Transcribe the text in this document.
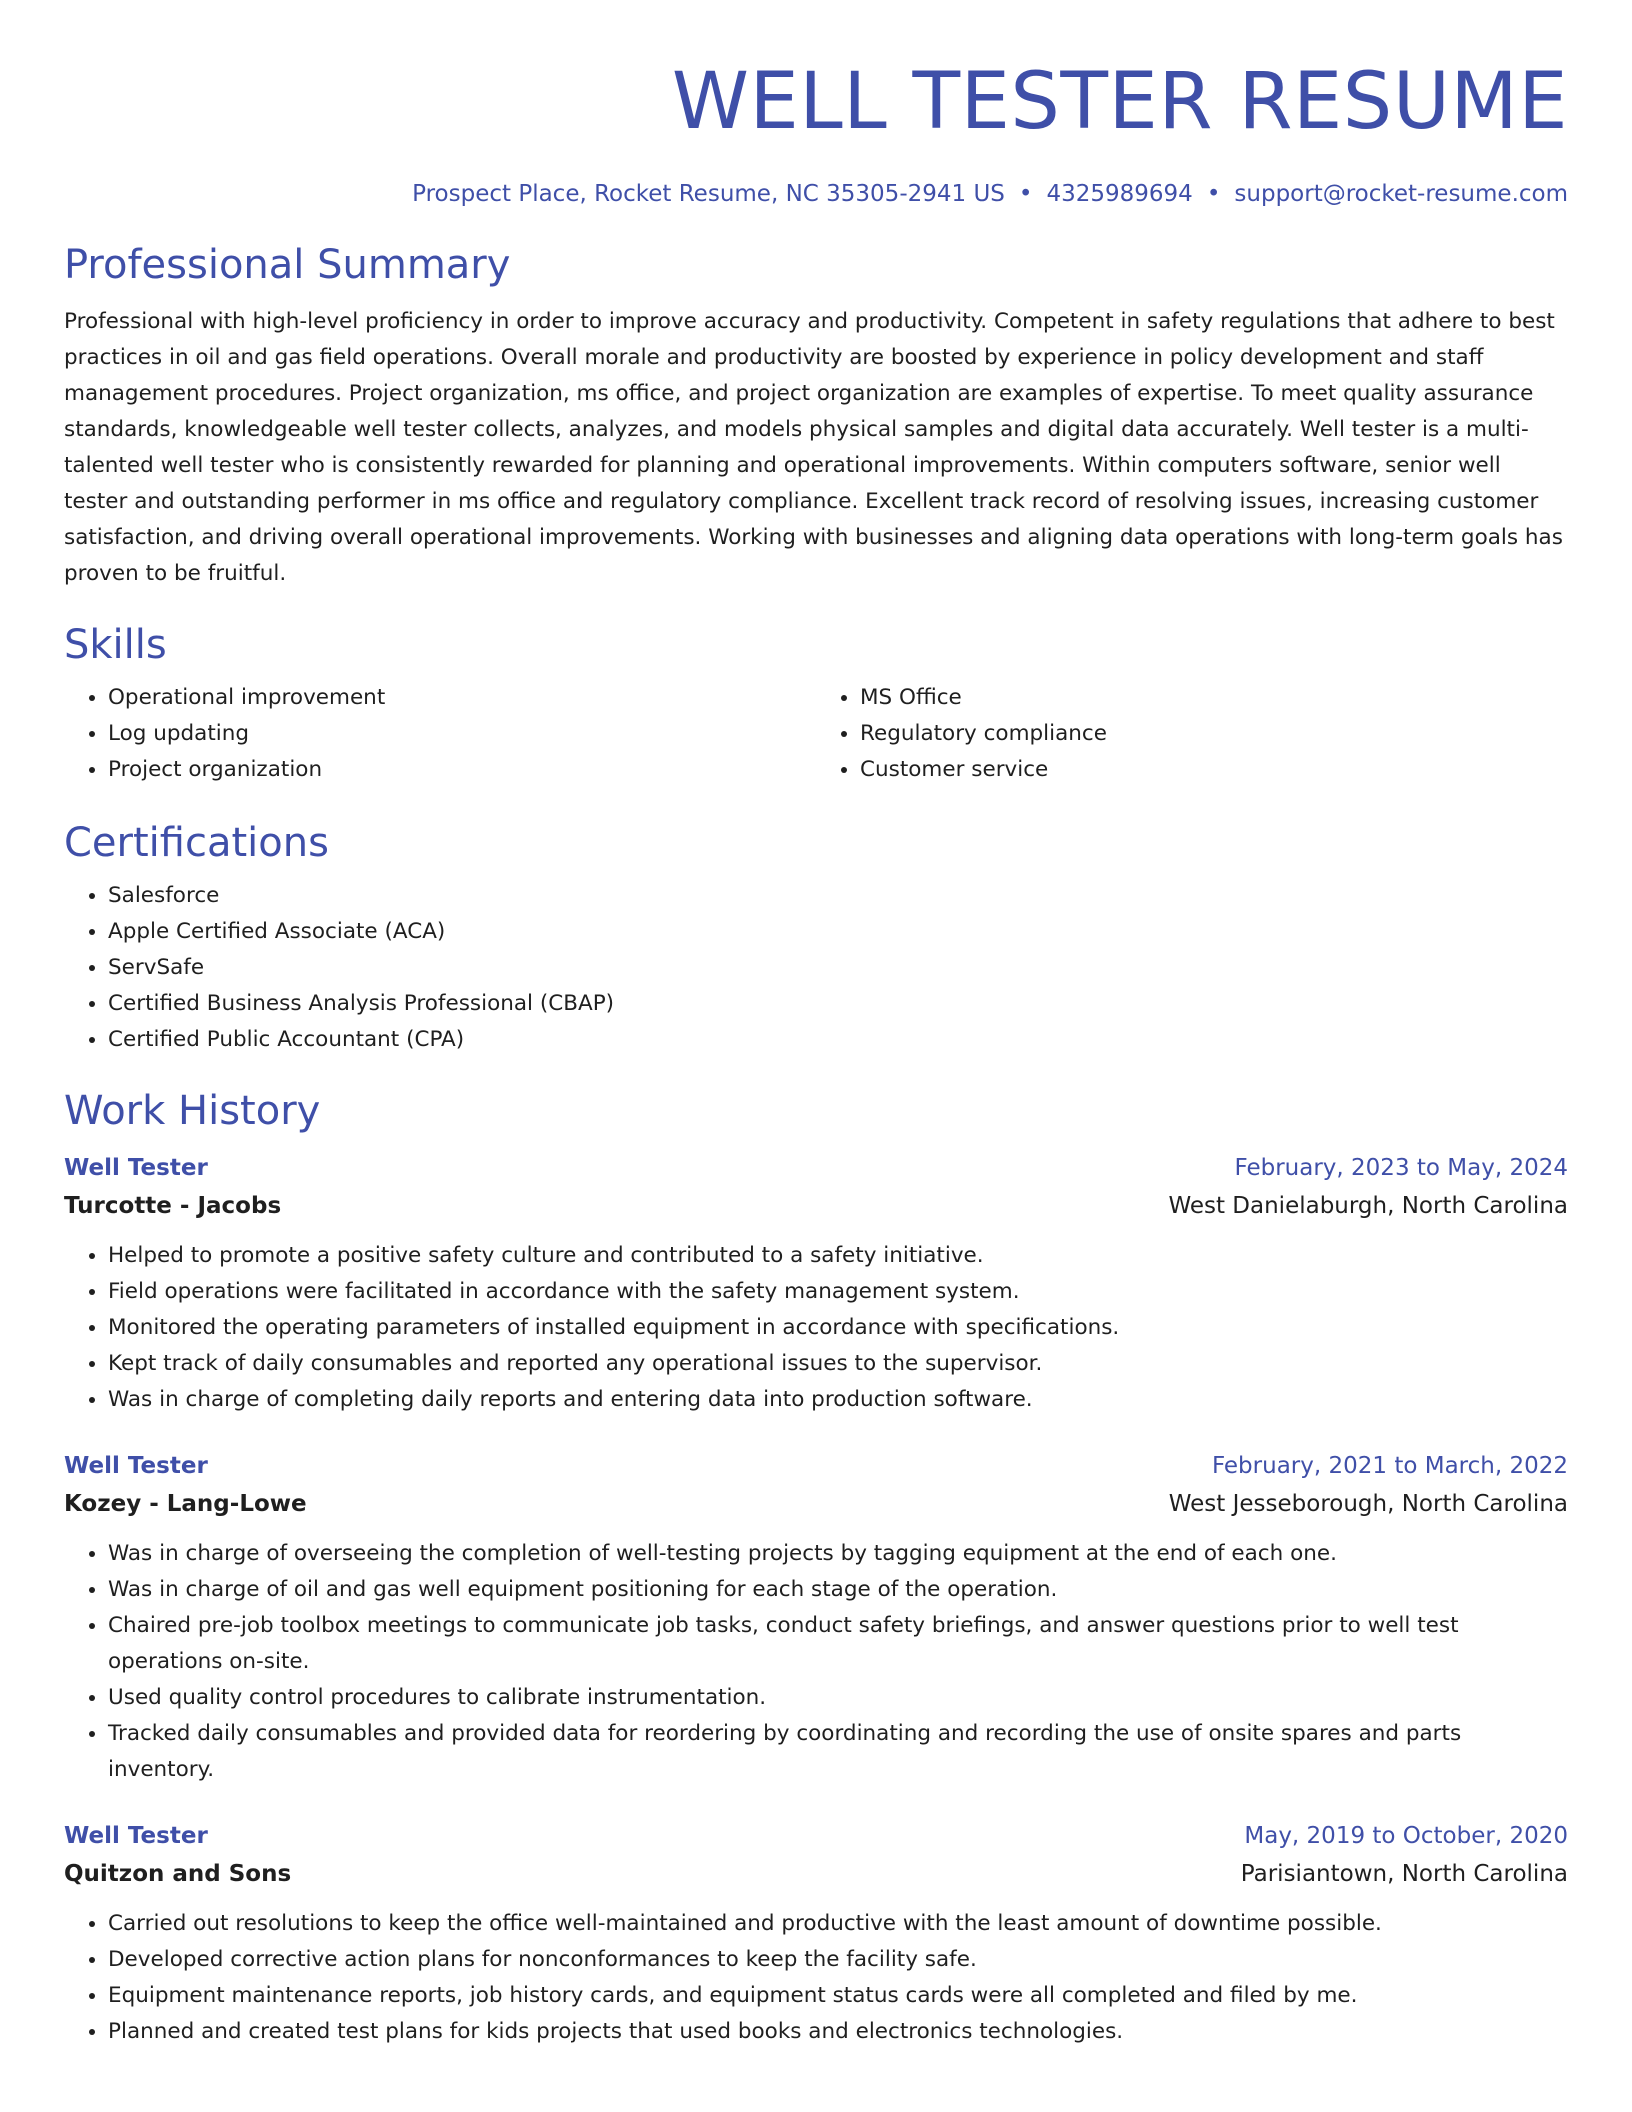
WELL TESTER RESUME
Prospect Place, Rocket Resume, NC 35305-2941 US • 4325989694 • support@rocket-resume.com
Professional Summary

Professional with high-level proficiency in order to improve accuracy and productivity. Competent in safety regulations that adhere to best practices in oil and gas field operations. Overall morale and productivity are boosted by experience in policy development and staff management procedures. Project organization, ms office, and project organization are examples of expertise. To meet quality assurance standards, knowledgeable well tester collects, analyzes, and models physical samples and digital data accurately. Well tester is a multi-talented well tester who is consistently rewarded for planning and operational improvements. Within computers software, senior well tester and outstanding performer in ms office and regulatory compliance. Excellent track record of resolving issues, increasing customer satisfaction, and driving overall operational improvements. Working with businesses and aligning data operations with long-term goals has proven to be fruitful.

Skills
• Operational improvement
• Log updating
• Project organization
• MS Office
• Regulatory compliance
• Customer service
Certifications
• Salesforce
• Apple Certified Associate (ACA)
• ServSafe
• Certified Business Analysis Professional (CBAP)
• Certified Public Accountant (CPA)
Work History
Well Tester	February, 2023 to May, 2024
Turcotte - Jacobs	West Danielaburgh, North Carolina
• Helped to promote a positive safety culture and contributed to a safety initiative.
• Field operations were facilitated in accordance with the safety management system.
• Monitored the operating parameters of installed equipment in accordance with specifications.
• Kept track of daily consumables and reported any operational issues to the supervisor.
• Was in charge of completing daily reports and entering data into production software.
Well Tester	February, 2021 to March, 2022
Kozey - Lang-Lowe	West Jesseborough, North Carolina
• Was in charge of overseeing the completion of well-testing projects by tagging equipment at the end of each one.
• Was in charge of oil and gas well equipment positioning for each stage of the operation.
• Chaired pre-job toolbox meetings to communicate job tasks, conduct safety briefings, and answer questions prior to well test operations on-site.
• Used quality control procedures to calibrate instrumentation.
• Tracked daily consumables and provided data for reordering by coordinating and recording the use of onsite spares and parts inventory.
Well Tester	May, 2019 to October, 2020
Quitzon and Sons	Parisiantown, North Carolina
• Carried out resolutions to keep the office well-maintained and productive with the least amount of downtime possible.
• Developed corrective action plans for nonconformances to keep the facility safe.
• Equipment maintenance reports, job history cards, and equipment status cards were all completed and filed by me.
• Planned and created test plans for kids projects that used books and electronics technologies.
